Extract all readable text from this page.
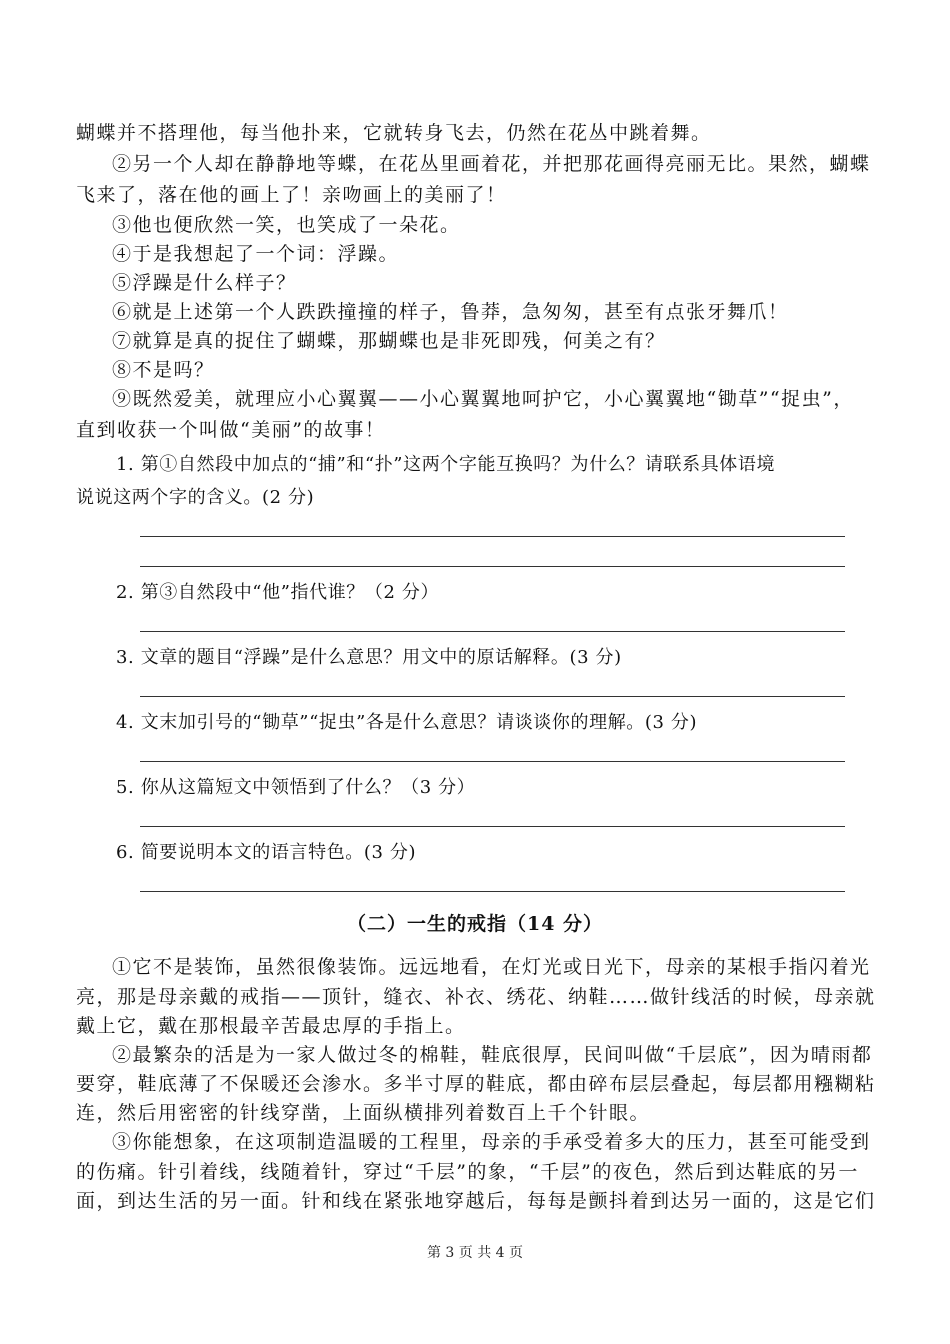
蝴蝶并不搭理他，每当他扑来，它就转身飞去，仍然在花丛中跳着舞。
②另一个人却在静静地等蝶，在花丛里画着花，并把那花画得亮丽无比。果然，蝴蝶
飞来了，落在他的画上了！亲吻画上的美丽了！
③他也便欣然一笑，也笑成了一朵花。
④于是我想起了一个词：浮躁。
⑤浮躁是什么样子？
⑥就是上述第一个人跌跌撞撞的样子，鲁莽，急匆匆，甚至有点张牙舞爪！
⑦就算是真的捉住了蝴蝶，那蝴蝶也是非死即残，何美之有？
⑧不是吗？
⑨既然爱美，就理应小心翼翼——小心翼翼地呵护它，小心翼翼地“锄草”“捉虫”，
直到收获一个叫做“美丽”的故事！
1. 第①自然段中加点的“捕”和“扑”这两个字能互换吗？为什么？请联系具体语境
说说这两个字的含义。(2 分)
2. 第③自然段中“他”指代谁？（2 分）
3. 文章的题目“浮躁”是什么意思？用文中的原话解释。(3 分)
4. 文末加引号的“锄草”“捉虫”各是什么意思？请谈谈你的理解。(3 分)
5. 你从这篇短文中领悟到了什么？（3 分）
6. 简要说明本文的语言特色。(3 分)
（二）一生的戒指（14 分）
①它不是装饰，虽然很像装饰。远远地看，在灯光或日光下，母亲的某根手指闪着光
亮，那是母亲戴的戒指——顶针，缝衣、补衣、绣花、纳鞋……做针线活的时候，母亲就
戴上它，戴在那根最辛苦最忠厚的手指上。
②最繁杂的活是为一家人做过冬的棉鞋，鞋底很厚，民间叫做“千层底”，因为晴雨都
要穿，鞋底薄了不保暖还会渗水。多半寸厚的鞋底，都由碎布层层叠起，每层都用糨糊粘
连，然后用密密的针线穿凿，上面纵横排列着数百上千个针眼。
③你能想象，在这项制造温暖的工程里，母亲的手承受着多大的压力，甚至可能受到
的伤痛。针引着线，线随着针，穿过“千层”的象，“千层”的夜色，然后到达鞋底的另一
面，到达生活的另一面。针和线在紧张地穿越后，每每是颤抖着到达另一面的，这是它们
第 3 页 共 4 页
